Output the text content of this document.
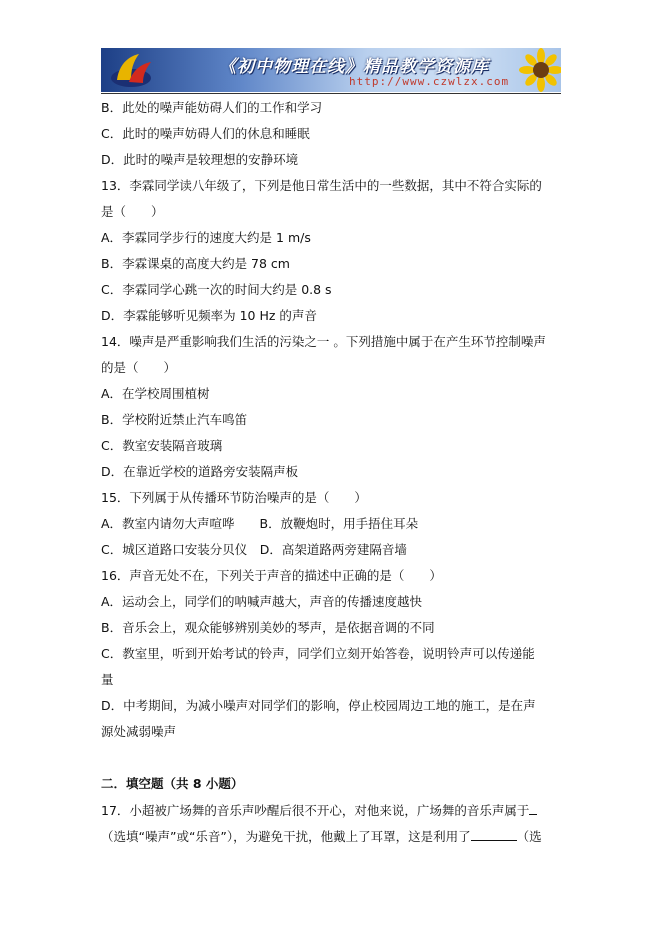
《初中物理在线》精品教学资源库
http://www.czwlzx.com
B．此处的噪声能妨碍人们的工作和学习
C．此时的噪声妨碍人们的休息和睡眠
D．此时的噪声是较理想的安静环境
13．李霖同学读八年级了，下列是他日常生活中的一些数据，其中不符合实际的
是（　　）
A．李霖同学步行的速度大约是 1 m/s
B．李霖课桌的高度大约是 78 cm
C．李霖同学心跳一次的时间大约是 0.8 s
D．李霖能够听见频率为 10 Hz 的声音
14．噪声是严重影响我们生活的污染之一 。下列措施中属于在产生环节控制噪声
的是（　　）
A．在学校周围植树
B．学校附近禁止汽车鸣笛
C．教室安装隔音玻璃
D．在靠近学校的道路旁安装隔声板
15．下列属于从传播环节防治噪声的是（　　）
A．教室内请勿大声喧哗　　B．放鞭炮时，用手捂住耳朵
C．城区道路口安装分贝仪　D．高架道路两旁建隔音墙
16．声音无处不在，下列关于声音的描述中正确的是（　　）
A．运动会上，同学们的呐喊声越大，声音的传播速度越快
B．音乐会上，观众能够辨别美妙的琴声，是依据音调的不同
C．教室里，听到开始考试的铃声，同学们立刻开始答卷，说明铃声可以传递能
量
D．中考期间，为减小噪声对同学们的影响，停止校园周边工地的施工，是在声
源处减弱噪声
二．填空题（共 8 小题）
17．小超被广场舞的音乐声吵醒后很不开心，对他来说，广场舞的音乐声属于
（选填“噪声”或“乐音”），为避免干扰，他戴上了耳罩，这是利用了	（选
